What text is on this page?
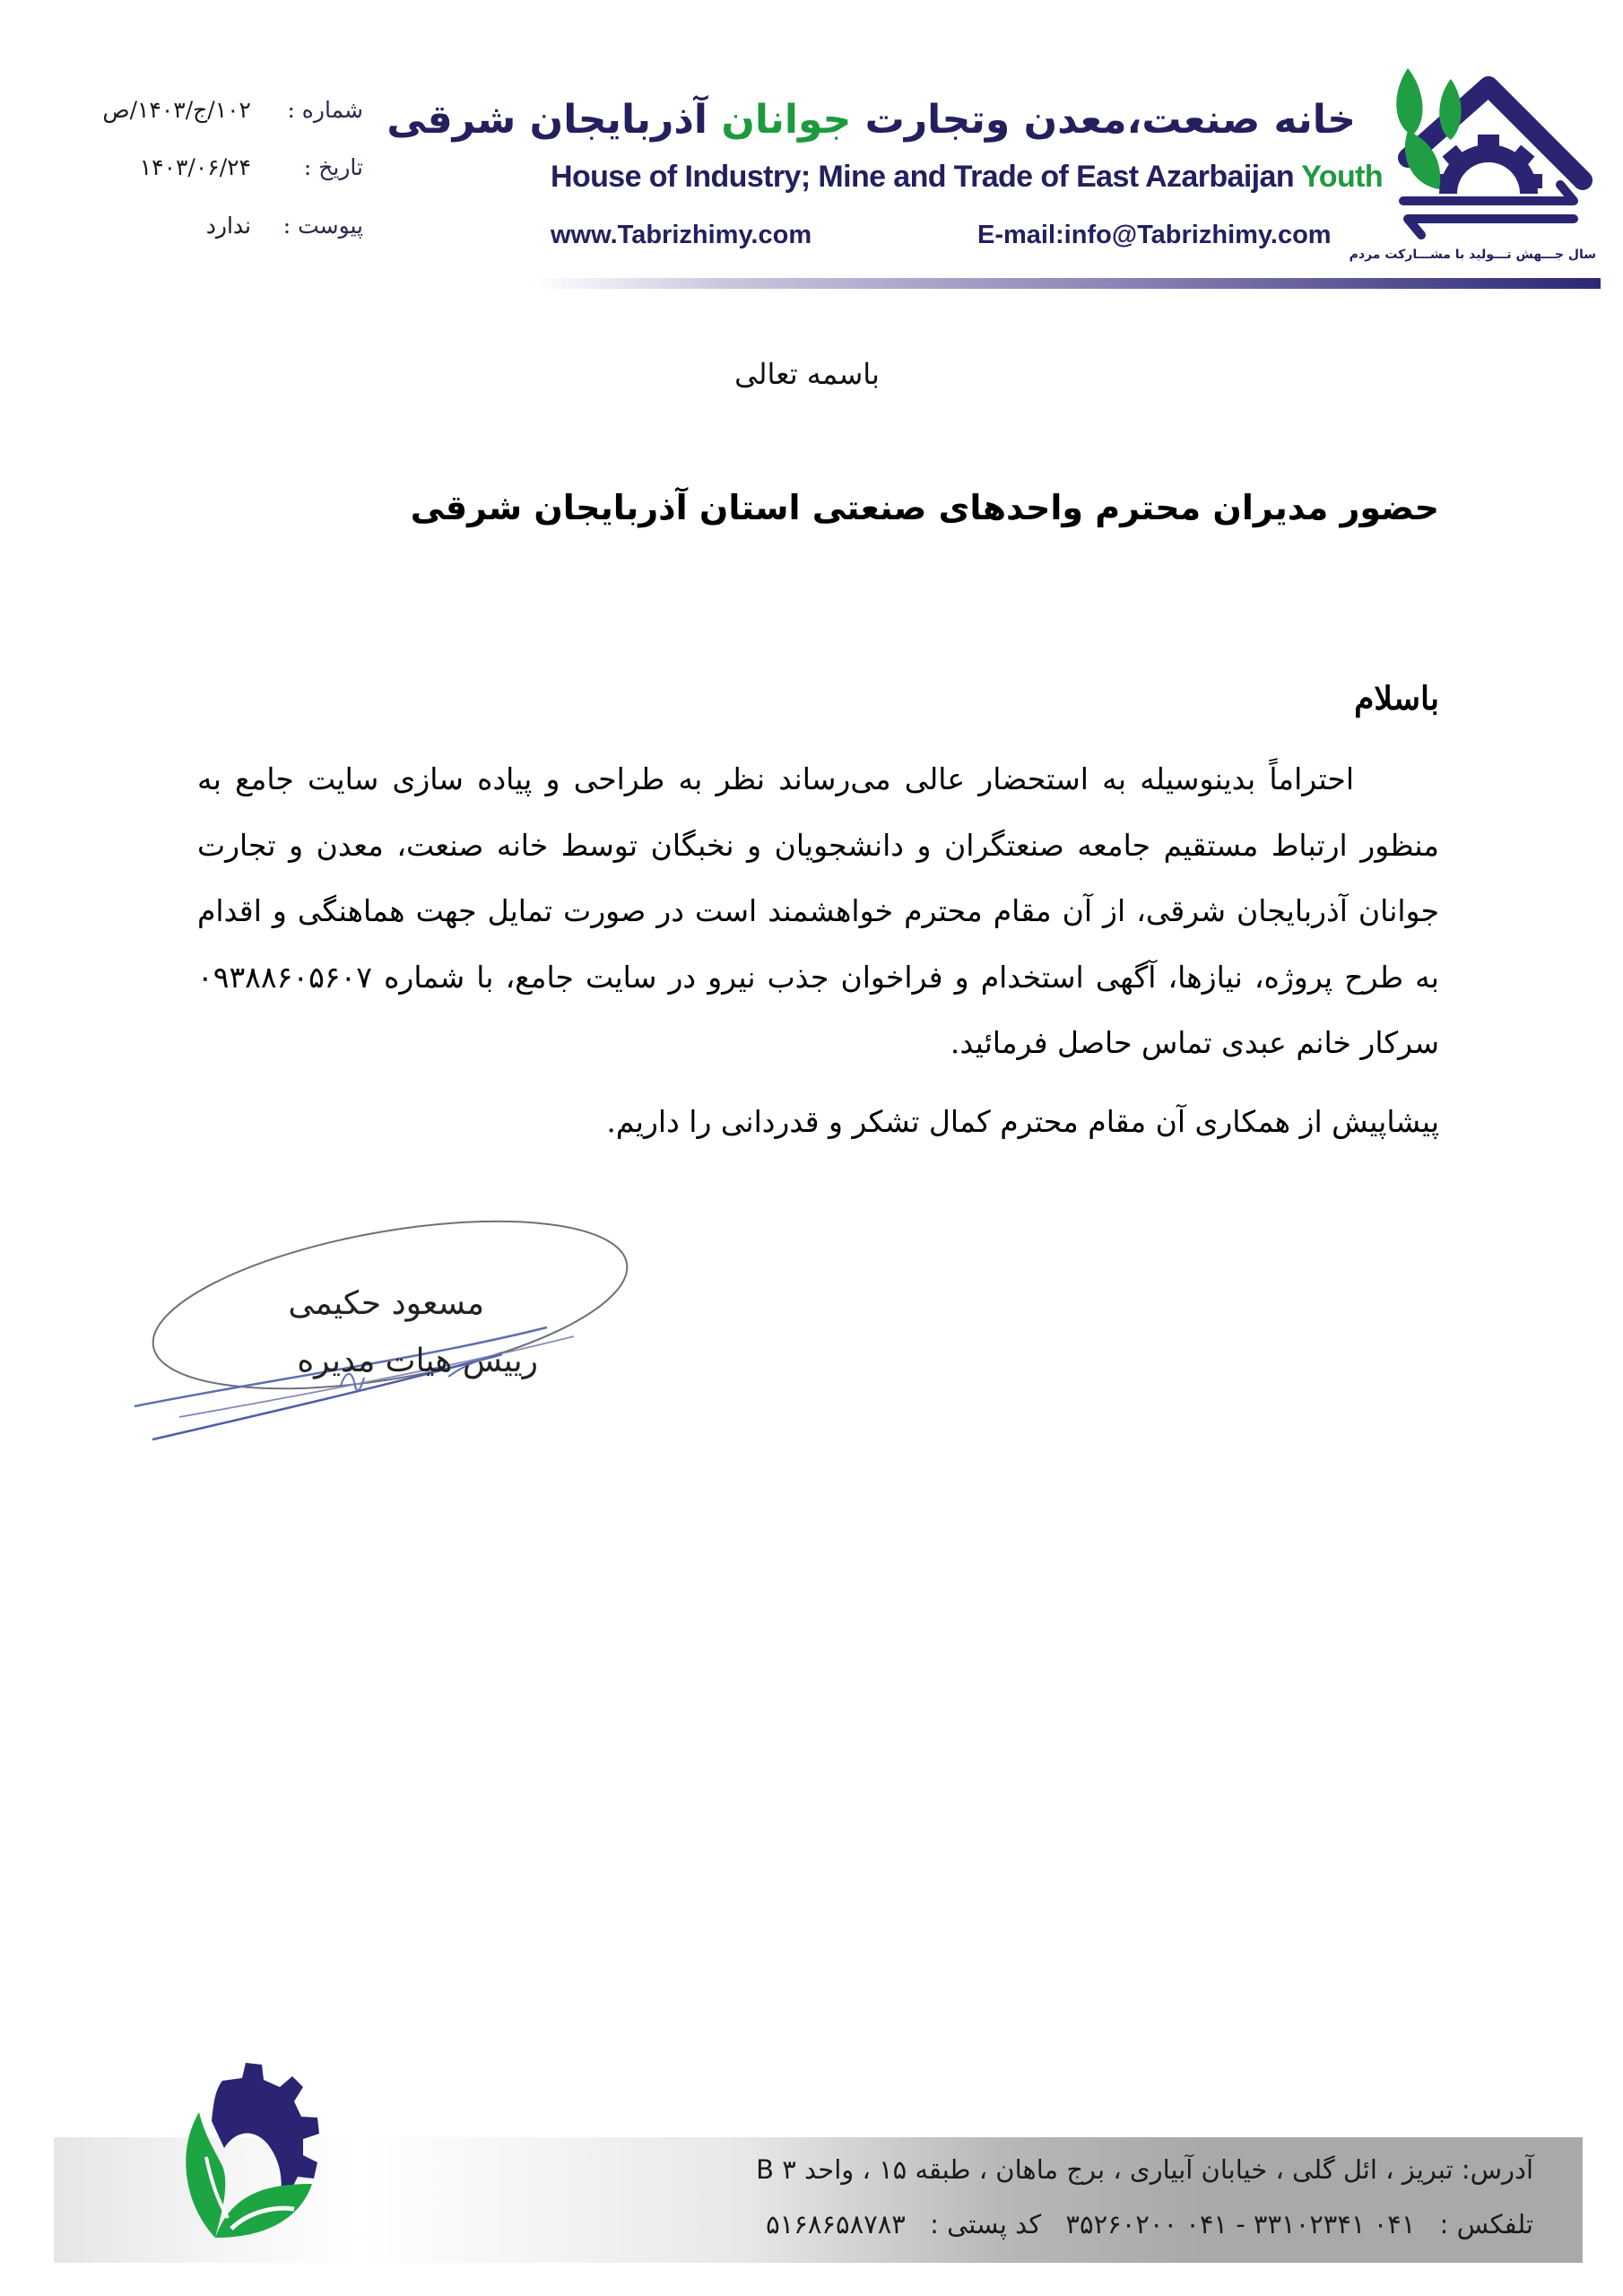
شماره :
۱۰۲/ج/۱۴۰۳/ص
تاریخ :
۱۴۰۳/۰۶/۲۴
پیوست :
ندارد
خانه صنعت،معدن وتجارت جوانان آذربایجان شرقی
House of Industry; Mine and Trade of East Azarbaijan Youth
www.Tabrizhimy.com	E-mail:info@Tabrizhimy.com
سال جـــهش تـــولید با مشـــارکت مردم
باسمه تعالی
حضور مدیران محترم واحدهای صنعتی استان آذربایجان شرقی
باسلام
احتراماً بدینوسیله به استحضار عالی می‌رساند نظر به طراحی و پیاده سازی سایت جامع به
منظور ارتباط مستقیم جامعه صنعتگران و دانشجویان و نخبگان توسط خانه صنعت، معدن و تجارت
جوانان آذربایجان شرقی، از آن مقام محترم خواهشمند است در صورت تمایل جهت هماهنگی و اقدام
به طرح پروژه، نیازها، آگهی استخدام و فراخوان جذب نیرو در سایت جامع، با شماره ۰۹۳۸۸۶۰۵۶۰۷
سرکار خانم عبدی تماس حاصل فرمائید.
پیشاپیش از همکاری آن مقام محترم کمال تشکر و قدردانی را داریم.
مسعود حکیمی
رییس هیات مدیره
آدرس: تبریز ، ائل گلی ، خیابان آبیاری ، برج ماهان ، طبقه ۱۵ ، واحد ۳ B
تلفکس : ۰۴۱ ۳۳۱۰۲۳۴۱ - ۰۴۱ ۳۵۲۶۰۲۰۰ کد پستی : ۵۱۶۸۶۵۸۷۸۳
